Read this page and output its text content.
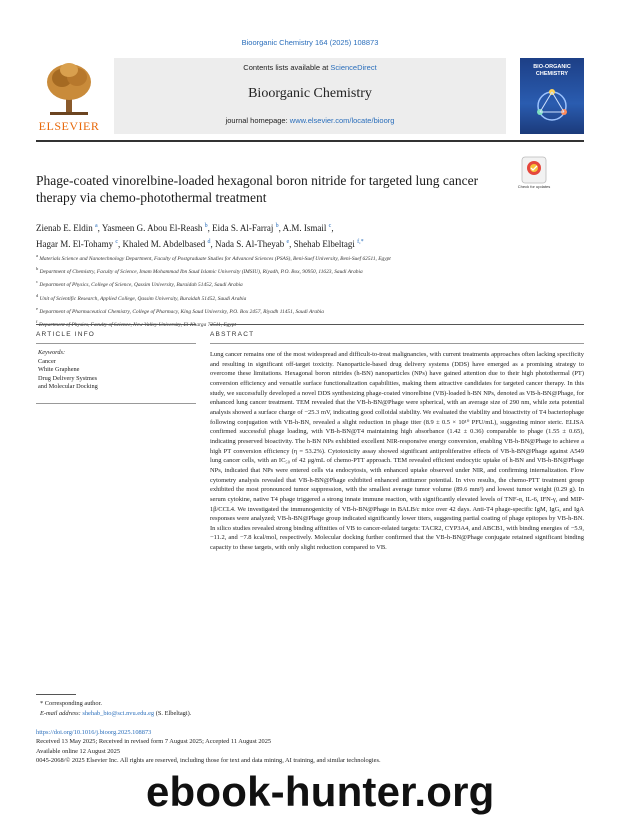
Bioorganic Chemistry 164 (2025) 108873
ELSEVIER
Contents lists available at ScienceDirect
Bioorganic Chemistry
journal homepage: www.elsevier.com/locate/bioorg
BIO-ORGANIC CHEMISTRY
Phage-coated vinorelbine-loaded hexagonal boron nitride for targeted lung cancer therapy via chemo-photothermal treatment
Check for updates
Zienab E. Eldin $^a$, Yasmeen G. Abou El-Reash $^b$, Eida S. Al-Farraj $^b$, A.M. Ismail $^c$,
Hagar M. El-Tohamy $^c$, Khaled M. Abdelbased $^d$, Nada S. Al-Theyab $^e$, Shehab Elbeltagi $^{f,*}$
$^a$ Materials Science and Nanotechnology Department, Faculty of Postgraduate Studies for Advanced Sciences (PSAS), Beni-Suef University, Beni-Suef 62511, Egypt
$^b$ Department of Chemistry, Faculty of Science, Imam Mohammad Ibn Saud Islamic University (IMSIU), Riyadh, P.O. Box, 90950, 11623, Saudi Arabia
$^c$ Department of Physics, College of Science, Qassim University, Buraidah 51452, Saudi Arabia
$^d$ Unit of Scientific Research, Applied College, Qassim University, Buraidah 51452, Saudi Arabia
$^e$ Department of Pharmaceutical Chemistry, College of Pharmacy, King Saud University, P.O. Box 2457, Riyadh 11451, Saudi Arabia
$^f$
ARTICLE INFO	ABSTRACT
Keywords:
Cancer
White Graphene
Drug Delivery Systmes
and Molecular Docking
Lung cancer remains one of the most widespread and difficult-to-treat malignancies, with current treatments approaches often lacking specificity and resulting in significant off-target toxicity. Nanoparticle-based drug delivery systems (DDS) have emerged as a promising strategy to overcome these limitations. Hexagonal boron nitrides (h-BN) nanoparticles (NPs) have gained attention due to their high photothermal (PT) conversion efficiency and versatile surface functionalization capabilities, making them attractive candidates for targeted cancer therapy. In this study, we successfully developed a novel DDS synthesizing phage-coated vinorelbine (VB)-loaded h-BN NPs, denoted as VB-h-BN@Phage, for enhanced lung cancer treatment. TEM revealed that the VB-h-BN@Phage were spherical, with an average size of 290 nm, while zeta potential analysis showed a surface charge of −25.3 mV, indicating good colloidal stability. We evaluated the viability and bioactivity of T4 bacteriophage following conjugation with VB-h-BN, revealed a slight reduction in phage titer (8.9 ± 0.5 × 10¹⁰ PFU/mL), suggesting minor steric. ELISA confirmed successful phage loading, with VB-h-BN@T4 maintaining high absorbance (1.42 ± 0.36) comparable to phage (1.55 ± 0.65), indicating preserved bioactivity. The h-BN NPs exhibited excellent NIR-responsive energy conversion, enabling VB-h-BN@Phage to achieve a high PT conversion efficiency (η = 53.2%). Cytotoxicity assay showed significant antiproliferative effects of VB-h-BN@Phage against A549 lung cancer cells, with an IC₅₀ of 42 μg/mL of chemo-PTT approach. TEM revealed efficient endocytic uptake of h-BN and VB-h-BN@Phage NPs, indicated that NPs were entered cells via endocytosis, with enhanced uptake observed under NIR, and confirming internalization. Flow cytometry analysis revealed that VB-h-BN@Phage exhibited enhanced antitumor potential. In vivo results, the chemo-PTT treatment group exhibited the most pronounced tumor suppression, with the smallest average tumor volume (89.6 mm³) and lowest tumor weight (0.29 g). In serum cytokine, native T4 phage triggered a strong innate immune reaction, with significantly elevated levels of TNF-α, IL-6, IFN-γ, and MIP-1β/CCL4. We investigated the immunogenicity of VB-h-BN@Phage in BALB/c mice over 42 days. Anti-T4 phage-specific IgM, IgG, and IgA responses were analyzed; VB-h-BN@Phage group indicated significantly lower titers, suggesting partial coating of phage epitopes by VB-h-BN. In silico studies revealed strong binding affinities of VB to cancer-related targets: TACR2, CYP3A4, and ABCB1, with binding energies of −5.9, −11.2, and −7.8 kcal/mol, respectively. Molecular docking further confirmed that the VB-h-BN@Phage conjugate retained significant binding capacity to these targets, with only slight reduction compared to VB.
* Corresponding author.
E-mail address: shehab_bio@sci.nvu.edu.eg (S. Elbeltagi).
https://doi.org/10.1016/j.bioorg.2025.108873
Received 13 May 2025; Received in revised form 7 August 2025; Accepted 11 August 2025
Available online 12 August 2025
0045-2068/© 2025 Elsevier Inc. All rights are reserved, including those for text and data mining, AI training, and similar technologies.
ebook-hunter.org
